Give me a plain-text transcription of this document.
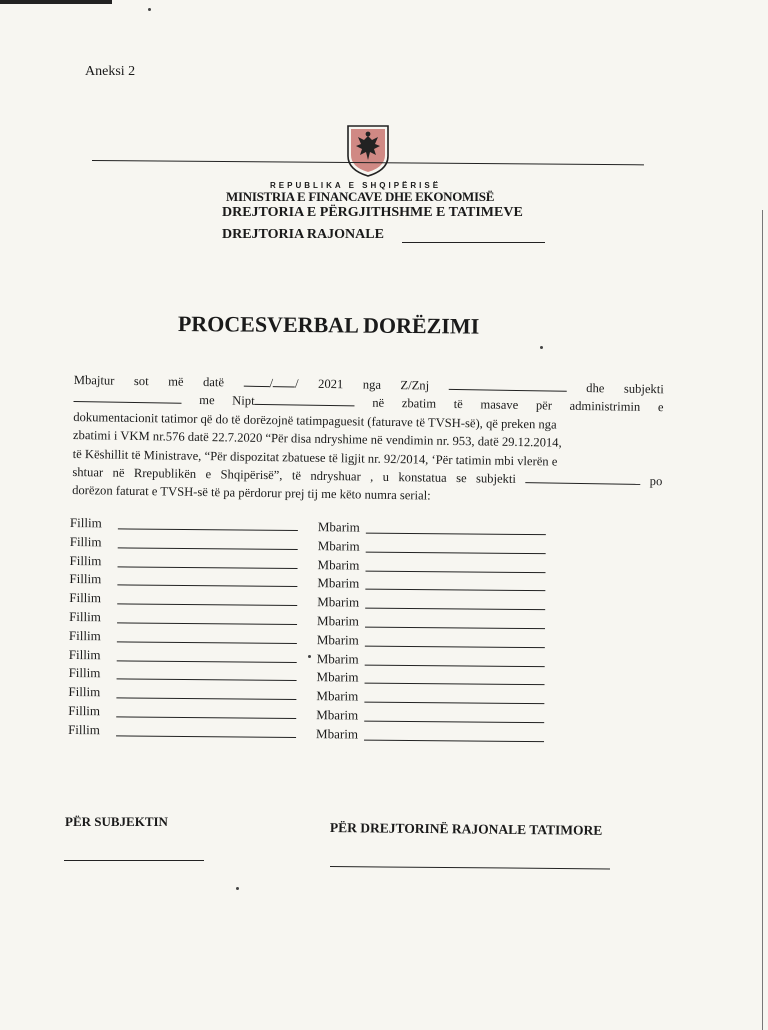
Aneksi 2
REPUBLIKA E SHQIPËRISË
MINISTRIA E FINANCAVE DHE EKONOMISË
DREJTORIA E PËRGJITHSHME E TATIMEVE
DREJTORIA RAJONALE
PROCESVERBAL DORËZIMI

Mbajtur sot më datë	/ / 2021 nga Z/Znj	dhe subjekti

me Nipt	në zbatim të masave për administrimin e

dokumentacionit tatimor që do të dorëzojnë tatimpaguesit (faturave të TVSH-së), që preken nga

zbatimi i VKM nr.576 datë 22.7.2020 “Për disa ndryshime në vendimin nr. 953, datë 29.12.2014,

të Këshillit të Ministrave, “Për dispozitat zbatuese të ligjit nr. 92/2014, ‘Për tatimin mbi vlerën e

shtuar në Rrepublikën e Shqipërisë”, të ndryshuar , u konstatua se subjekti	po

dorëzon faturat e TVSH-së të pa përdorur prej tij me këto numra serial:

Fillim	Mbarim
Fillim	Mbarim
Fillim	Mbarim
Fillim	Mbarim
Fillim	Mbarim
Fillim	Mbarim
Fillim	Mbarim
Fillim	Mbarim
Fillim	Mbarim
Fillim	Mbarim
Fillim	Mbarim
Fillim	Mbarim
PËR SUBJEKTIN	PËR DREJTORINË RAJONALE TATIMORE
